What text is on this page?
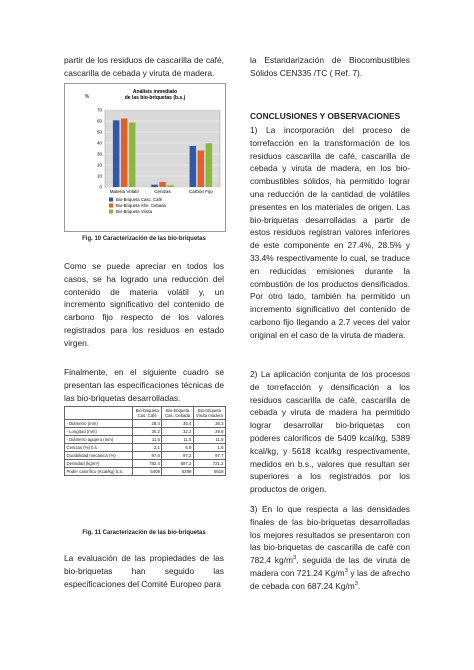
partir de los residuos de cascarilla de café, cascarilla de cebada y viruta de madera.

Análisis inmediato de las bio-briquetas (b.s.)
%
0
10
20
30
40
50
60
70
Materia Volátil	Cenizas	Carbón Fijo
Bio-Briqueta Casc. Café
Bio-Briqueta Afre. Cebada
Bio-Briqueta Viruta

Fig. 10 Caracterización de las bio-briquetas

Como se puede apreciar en todos los casos, se ha logrado una reducción del contenido de materia volátil y, un incremento significativo del contenido de carbono fijo respecto de los valores registrados para los residuos en estado virgen.

Finalmente, en el siguiente cuadro se presentan las especificaciones técnicas de las bio-briquetas desarrolladas.

	Bio-briqueta Cas. Café	Bio-briqueta Cas. Cebada	Bio-briqueta Viruta madera
- Diámetro (mm)	28.4	35.4	35.3
- Longitud (mm)	30.2	32.2	29.8
- Diámetro agujero (mm)	11.5	11.5	11.5
Cenizas (%) b.s.	2.1	6.9	1.6
Durabilidad mecánica (%)	97.6	97.2	97.7
Densidad (kg/m³)	782.4	687.2	721.2
Poder calorífico (Kcal/kg) b.S.	5409	5389	5618

Fig. 11 Caracterización de las bio-briquetas

La evaluación de las propiedades de las bio-briquetas han seguido las especificaciones del Comité Europeo para

la Estandarización de Biocombustibles Sólidos CEN335 /TC ( Ref. 7).

CONCLUSIONES Y OBSERVACIONES

1) La incorporación del proceso de torrefacción en la transformación de los residuos cascarilla de café, cascarilla de cebada y viruta de madera, en los bio-combustibles sólidos, ha permitido lograr una reducción de la cantidad de volátiles presentes en los materiales de origen. Las bio-briquetas desarrolladas a partir de estos residuos registran valores inferiores de este componente en 27.4%, 28.5% y 33.4% respectivamente lo cual, se traduce en reducidas emisiones durante la combustión de los productos densificados. Por otro lado, también ha permitido un incremento significativo del contenido de carbono fijo llegando a 2.7 veces del valor original en el caso de la viruta de madera.

2) La aplicación conjunta de los procesos de torrefacción y densificación a los residuos cascarilla de café, cascarilla de cebada y viruta de madera ha permitido lograr desarrollar bio-briquetas con poderes caloríficos de 5409 kcal/kg, 5389 kcal/kg, y 5618 kcal/kg respectivamente, medidos en b.s., valores que resultan ser superiores a los registrados por los productos de origen.

3) En lo que respecta a las densidades finales de las bio-briquetas desarrolladas los mejores resultados se presentaron con las bio-briquetas de cascarilla de café con 782.4 $kg/m^3$, seguida de las de viruta de madera con 721.24 $Kg/m^3$ y las de afrecho de cebada con 687.24 $Kg/m^3$.
